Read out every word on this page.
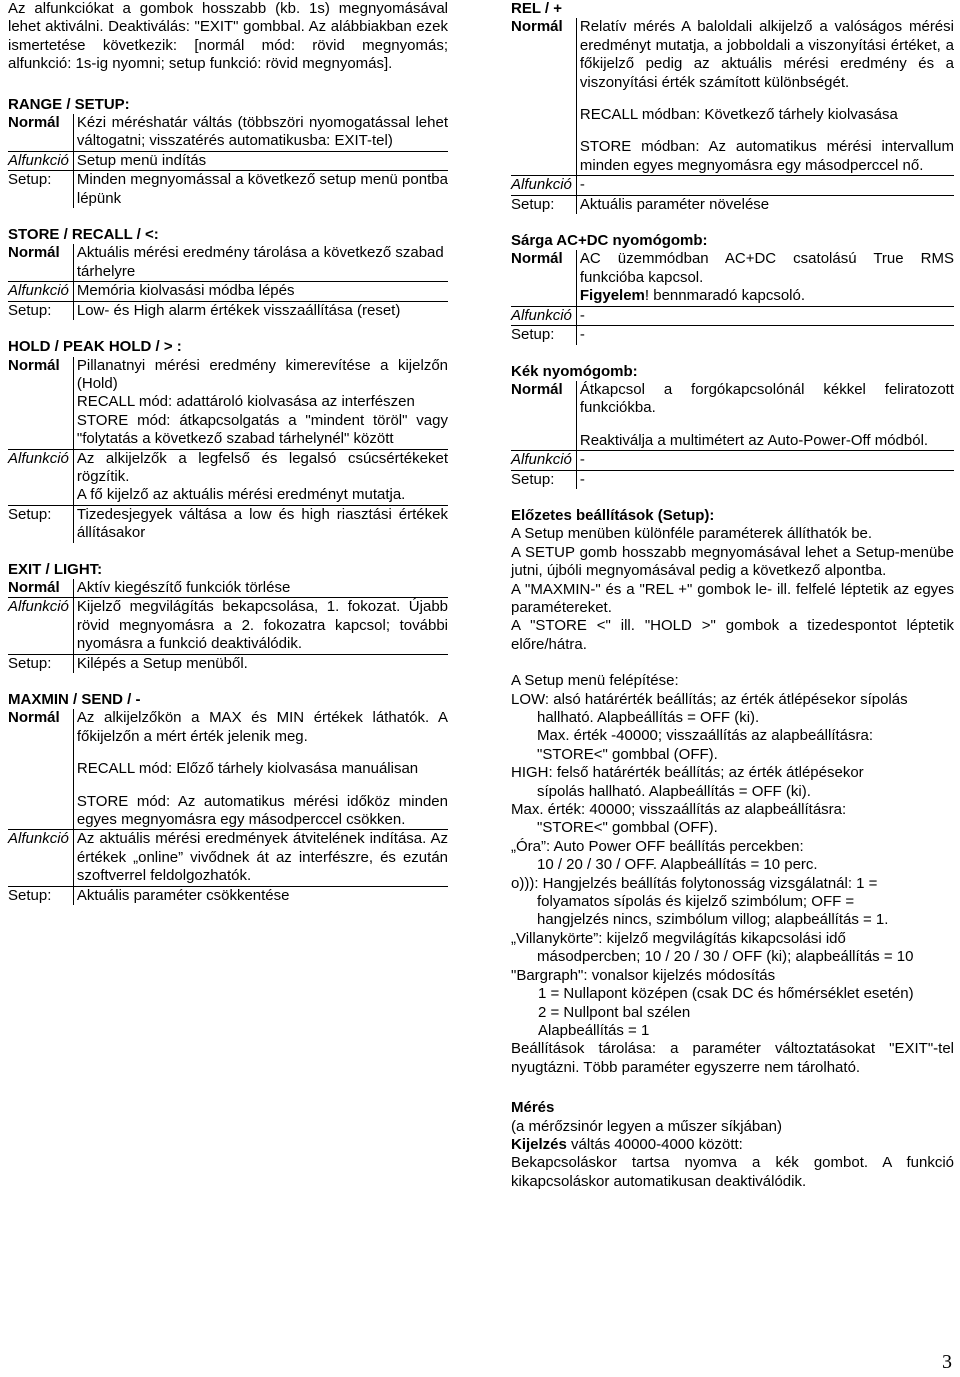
Az alfunkciókat a gombok hosszabb (kb. 1s) megnyomásával lehet aktiválni. Deaktiválás: "EXIT" gombbal. Az alábbiakban ezek ismertetése következik: [normál mód: rövid megnyomás; alfunkció: 1s-ig nyomni; setup funkció: rövid megnyomás].

RANGE / SETUP:

Normál	Kézi méréshatár váltás (többszöri nyomogatással lehet váltogatni; visszatérés automatikusba: EXIT-tel)
Alfunkció	Setup menü indítás
Setup:	Minden megnyomással a következő setup menü pontba lépünk

STORE / RECALL / <:

Normál	Aktuális mérési eredmény tárolása a következő szabad tárhelyre
Alfunkció	Memória kiolvasási módba lépés
Setup:	Low- és High alarm értékek visszaállítása (reset)

HOLD / PEAK HOLD / > :

Normál	Pillanatnyi mérési eredmény kimerevítése a kijelzőn (Hold)

RECALL mód: adattároló kiolvasása az interfészen

STORE mód: átkapcsolgatás a "mindent töröl" vagy "folytatás a következő szabad tárhelynél" között

Alfunkció	Az alkijelzők a legfelső és legalsó csúcsértékeket rögzítik.

A fő kijelző az aktuális mérési eredményt mutatja.

Setup:	Tizedesjegyek váltása a low és high riasztási értékek állításakor

EXIT / LIGHT:

Normál	Aktív kiegészítő funkciók törlése
Alfunkció	Kijelző megvilágítás bekapcsolása, 1. fokozat. Újabb rövid megnyomásra a 2. fokozatra kapcsol; további nyomásra a funkció deaktiválódik.
Setup:	Kilépés a Setup menüből.

MAXMIN / SEND / -

Normál	Az alkijelzőkön a MAX és MIN értékek láthatók. A főkijelzőn a mért érték jelenik meg.

RECALL mód: Előző tárhely kiolvasása manuálisan

STORE mód: Az automatikus mérési időköz minden egyes megnyomásra egy másodperccel csökken.

Alfunkció	Az aktuális mérési eredmények átvitelének indítása. Az értékek „online” vivődnek át az interfészre, és ezután szoftverrel feldolgozhatók.
Setup:	Aktuális paraméter csökkentése

REL / +

Normál	Relatív mérés A baloldali alkijelző a valóságos mérési eredményt mutatja, a jobboldali a viszonyítási értéket, a főkijelző pedig az aktuális mérési eredmény és a viszonyítási érték számított különbségét.

RECALL módban: Következő tárhely kiolvasása

STORE módban: Az automatikus mérési intervallum minden egyes megnyomásra egy másodperccel nő.

Alfunkció	-
Setup:	Aktuális paraméter növelése

Sárga AC+DC nyomógomb:

Normál	AC üzemmódban AC+DC csatolású True RMS funkcióba kapcsol.

Figyelem! bennmaradó kapcsoló.

Alfunkció	-
Setup:	-

Kék nyomógomb:

Normál	Átkapcsol a forgókapcsolónál kékkel feliratozott funkciókba.

Reaktiválja a multimétert az Auto-Power-Off módból.

Alfunkció	-
Setup:	-

Előzetes beállítások (Setup):

A Setup menüben különféle paraméterek állíthatók be.

A SETUP gomb hosszabb megnyomásával lehet a Setup-menübe jutni, újbóli megnyomásával pedig a következő alpontba.

A "MAXMIN-" és a "REL +" gombok le- ill. felfelé léptetik az egyes paramétereket.

A "STORE <" ill. "HOLD >" gombok a tizedespontot léptetik előre/hátra.

A Setup menü felépítése:

LOW: alsó határérték beállítás; az érték átlépésekor sípolás

hallható. Alapbeállítás = OFF (ki).

Max. érték -40000; visszaállítás az alapbeállításra:

"STORE<" gombbal (OFF).

HIGH: felső határérték beállítás; az érték átlépésekor

sípolás hallható. Alapbeállítás = OFF (ki).

Max. érték: 40000; visszaállítás az alapbeállításra:

"STORE<" gombbal (OFF).

„Óra”: Auto Power OFF beállítás percekben:

10 / 20 / 30 / OFF. Alapbeállítás = 10 perc.

o))): Hangjelzés beállítás folytonosság vizsgálatnál: 1 =

folyamatos sípolás és kijelző szimbólum; OFF =

hangjelzés nincs, szimbólum villog; alapbeállítás = 1.

„Villanykörte”: kijelző megvilágítás kikapcsolási idő

másodpercben; 10 / 20 / 30 / OFF (ki); alapbeállítás = 10

"Bargraph": vonalsor kijelzés módosítás

1 = Nullapont középen (csak DC és hőmérséklet esetén)

2 = Nullpont bal szélen

Alapbeállítás = 1

Beállítások tárolása: a paraméter változtatásokat "EXIT"-tel nyugtázni. Több paraméter egyszerre nem tárolható.

Mérés

(a mérőzsinór legyen a műszer síkjában)

Kijelzés váltás 40000-4000 között:

Bekapcsoláskor tartsa nyomva a kék gombot. A funkció kikapcsoláskor automatikusan deaktiválódik.

3
